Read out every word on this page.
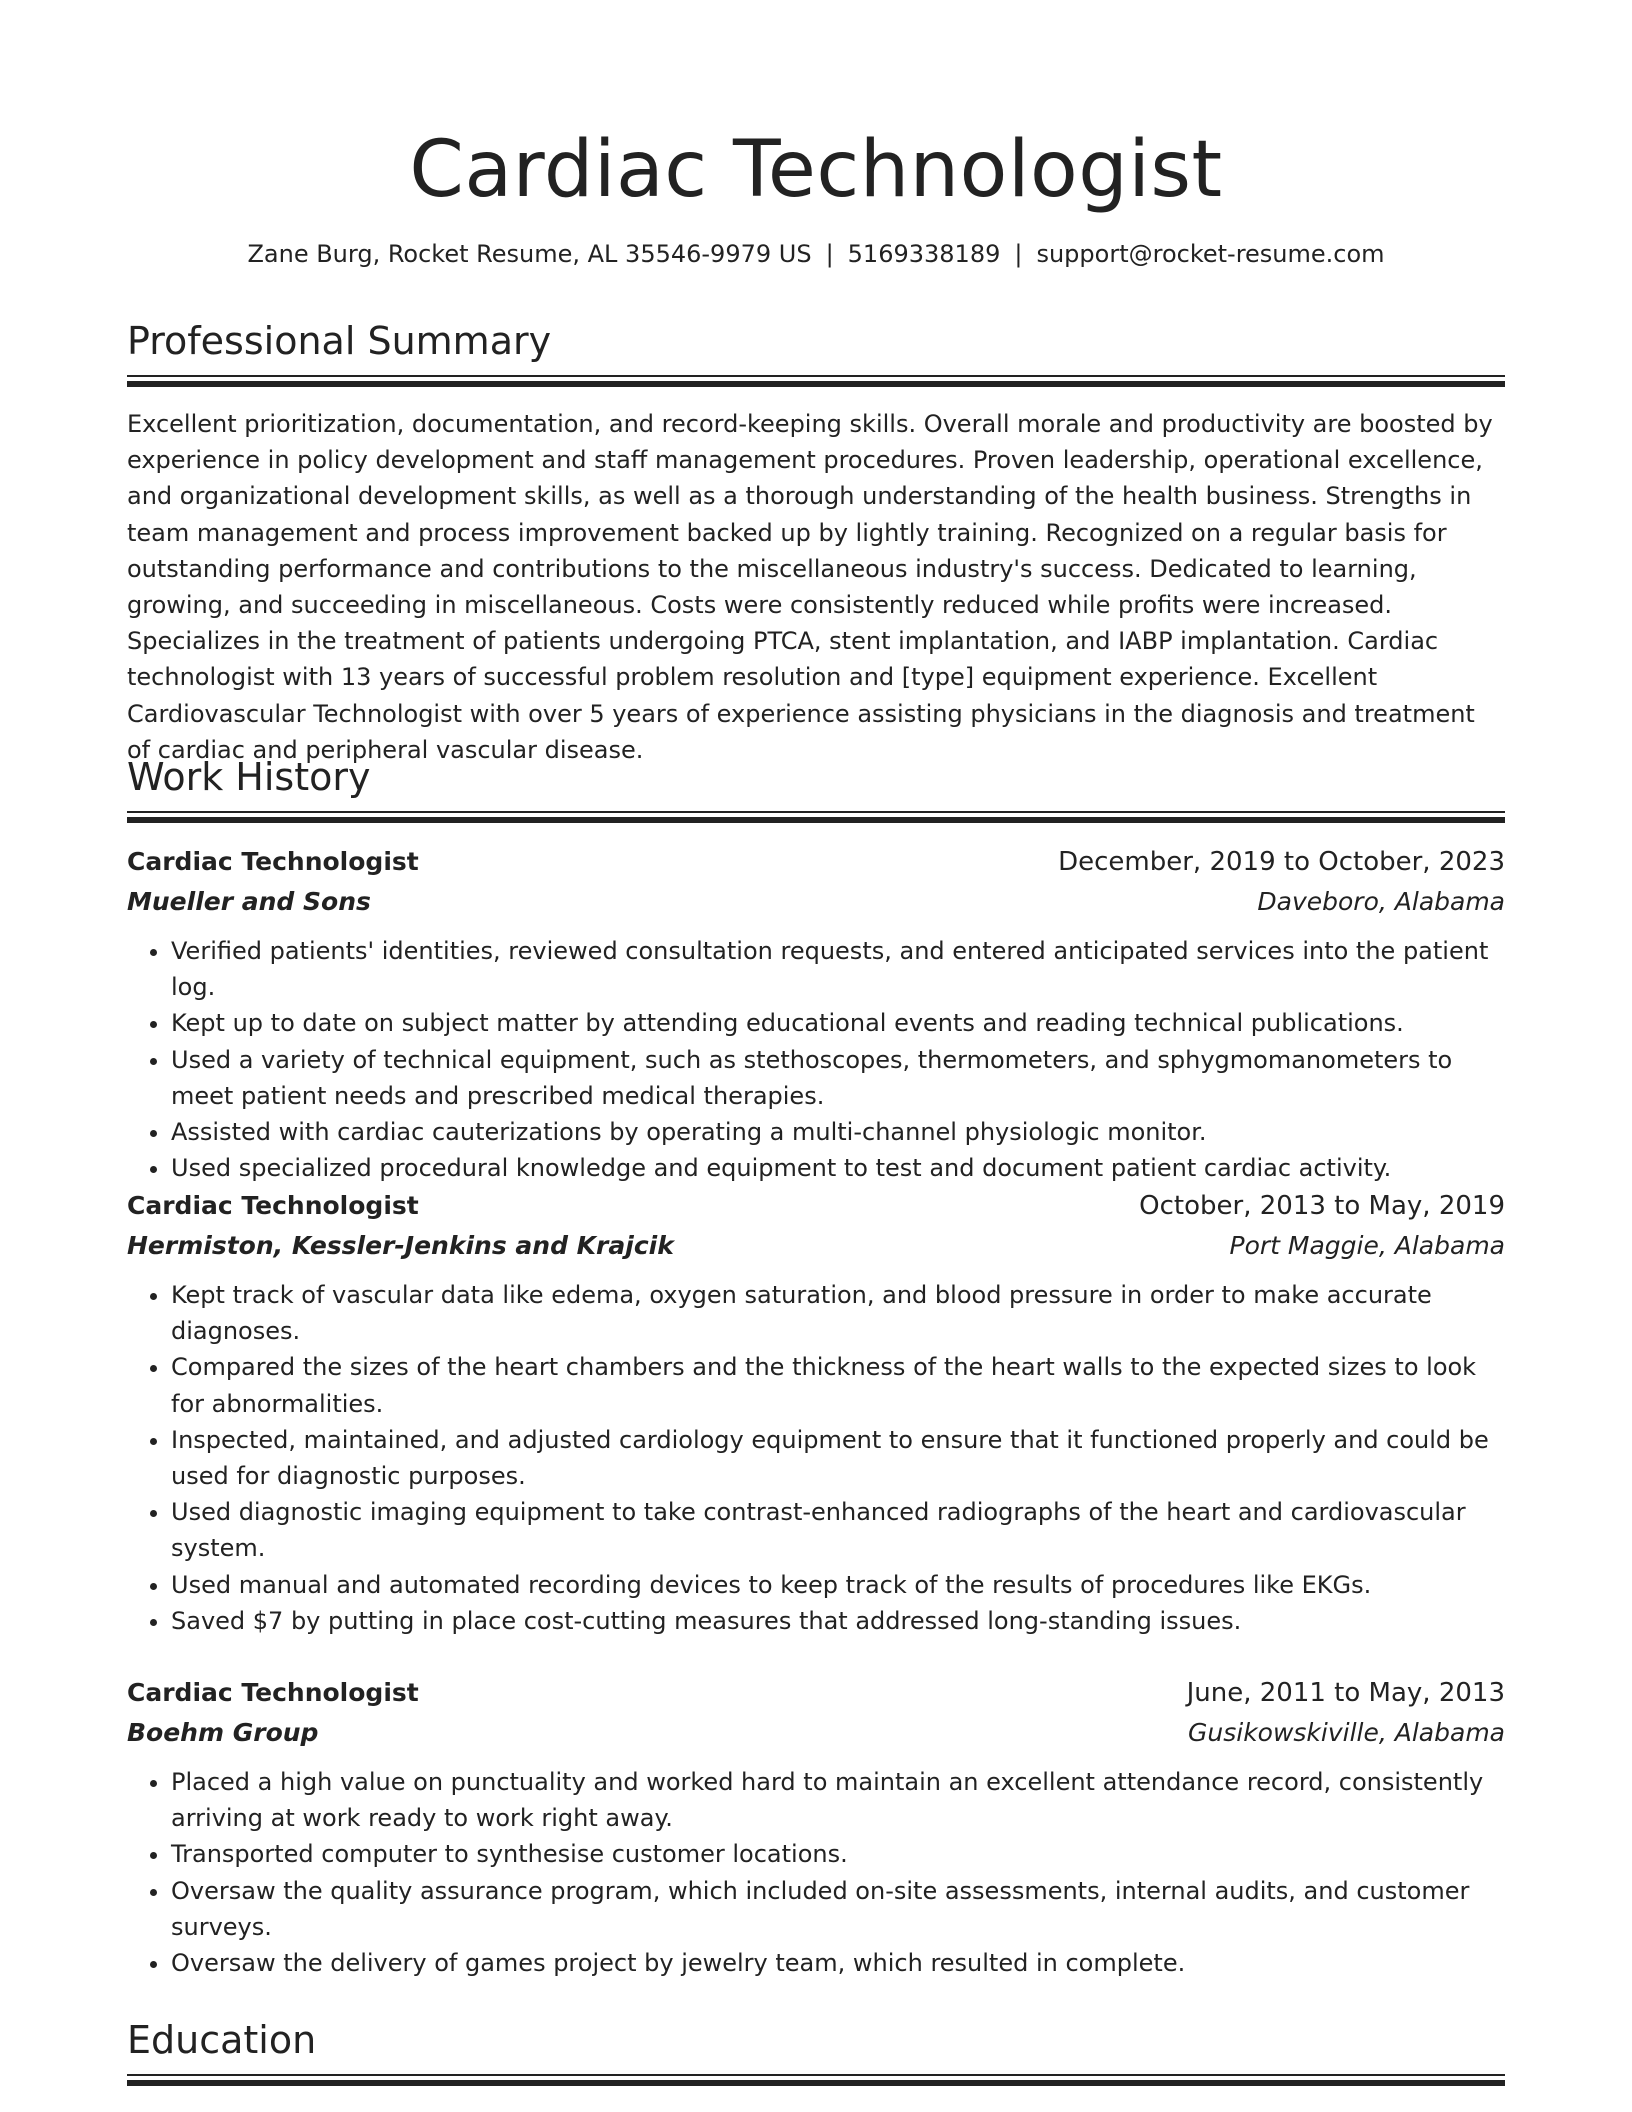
Cardiac Technologist
Zane Burg, Rocket Resume, AL 35546-9979 US | 5169338189 | support@rocket-resume.com
Professional Summary

Excellent prioritization, documentation, and record-keeping skills. Overall morale and productivity are boosted by experience in policy development and staff management procedures. Proven leadership, operational excellence, and organizational development skills, as well as a thorough understanding of the health business. Strengths in team management and process improvement backed up by lightly training. Recognized on a regular basis for outstanding performance and contributions to the miscellaneous industry's success. Dedicated to learning, growing, and succeeding in miscellaneous. Costs were consistently reduced while profits were increased. Specializes in the treatment of patients undergoing PTCA, stent implantation, and IABP implantation. Cardiac technologist with 13 years of successful problem resolution and [type] equipment experience. Excellent Cardiovascular Technologist with over 5 years of experience assisting physicians in the diagnosis and treatment of cardiac and peripheral vascular disease.

Work History
Cardiac Technologist	December, 2019 to October, 2023
Mueller and Sons	Daveboro, Alabama
• Verified patients' identities, reviewed consultation requests, and entered anticipated services into the patient log.
• Kept up to date on subject matter by attending educational events and reading technical publications.
• Used a variety of technical equipment, such as stethoscopes, thermometers, and sphygmomanometers to meet patient needs and prescribed medical therapies.
• Assisted with cardiac cauterizations by operating a multi-channel physiologic monitor.
• Used specialized procedural knowledge and equipment to test and document patient cardiac activity.
Cardiac Technologist	October, 2013 to May, 2019
Hermiston, Kessler-Jenkins and Krajcik	Port Maggie, Alabama
• Kept track of vascular data like edema, oxygen saturation, and blood pressure in order to make accurate diagnoses.
• Compared the sizes of the heart chambers and the thickness of the heart walls to the expected sizes to look for abnormalities.
• Inspected, maintained, and adjusted cardiology equipment to ensure that it functioned properly and could be used for diagnostic purposes.
• Used diagnostic imaging equipment to take contrast-enhanced radiographs of the heart and cardiovascular system.
• Used manual and automated recording devices to keep track of the results of procedures like EKGs.
• Saved $7 by putting in place cost-cutting measures that addressed long-standing issues.
Cardiac Technologist	June, 2011 to May, 2013
Boehm Group	Gusikowskiville, Alabama
• Placed a high value on punctuality and worked hard to maintain an excellent attendance record, consistently arriving at work ready to work right away.
• Transported computer to synthesise customer locations.
• Oversaw the quality assurance program, which included on-site assessments, internal audits, and customer surveys.
• Oversaw the delivery of games project by jewelry team, which resulted in complete.
Education
